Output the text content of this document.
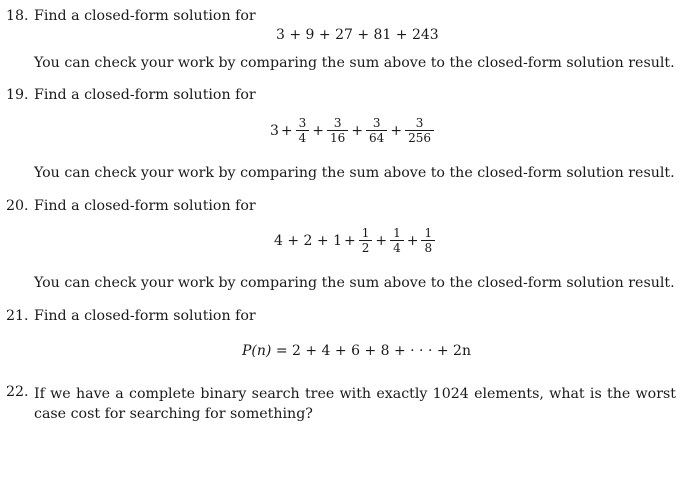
18. Find a closed-form solution for
3 + 9 + 27 + 81 + 243
You can check your work by comparing the sum above to the closed-form solution result.
19. Find a closed-form solution for
$3 + \frac{3}{4} + \frac{3}{16} + \frac{3}{64} + \frac{3}{256}$
You can check your work by comparing the sum above to the closed-form solution result.
20. Find a closed-form solution for
$4 + 2 + 1 + \frac{1}{2} + \frac{1}{4} + \frac{1}{8}$
You can check your work by comparing the sum above to the closed-form solution result.
21. Find a closed-form solution for
P(n)
= 2 + 4 + 6 + 8 + · · · + 2n
22. If we have a complete binary search tree with exactly 1024 elements, what is the worst case cost for searching for something?
